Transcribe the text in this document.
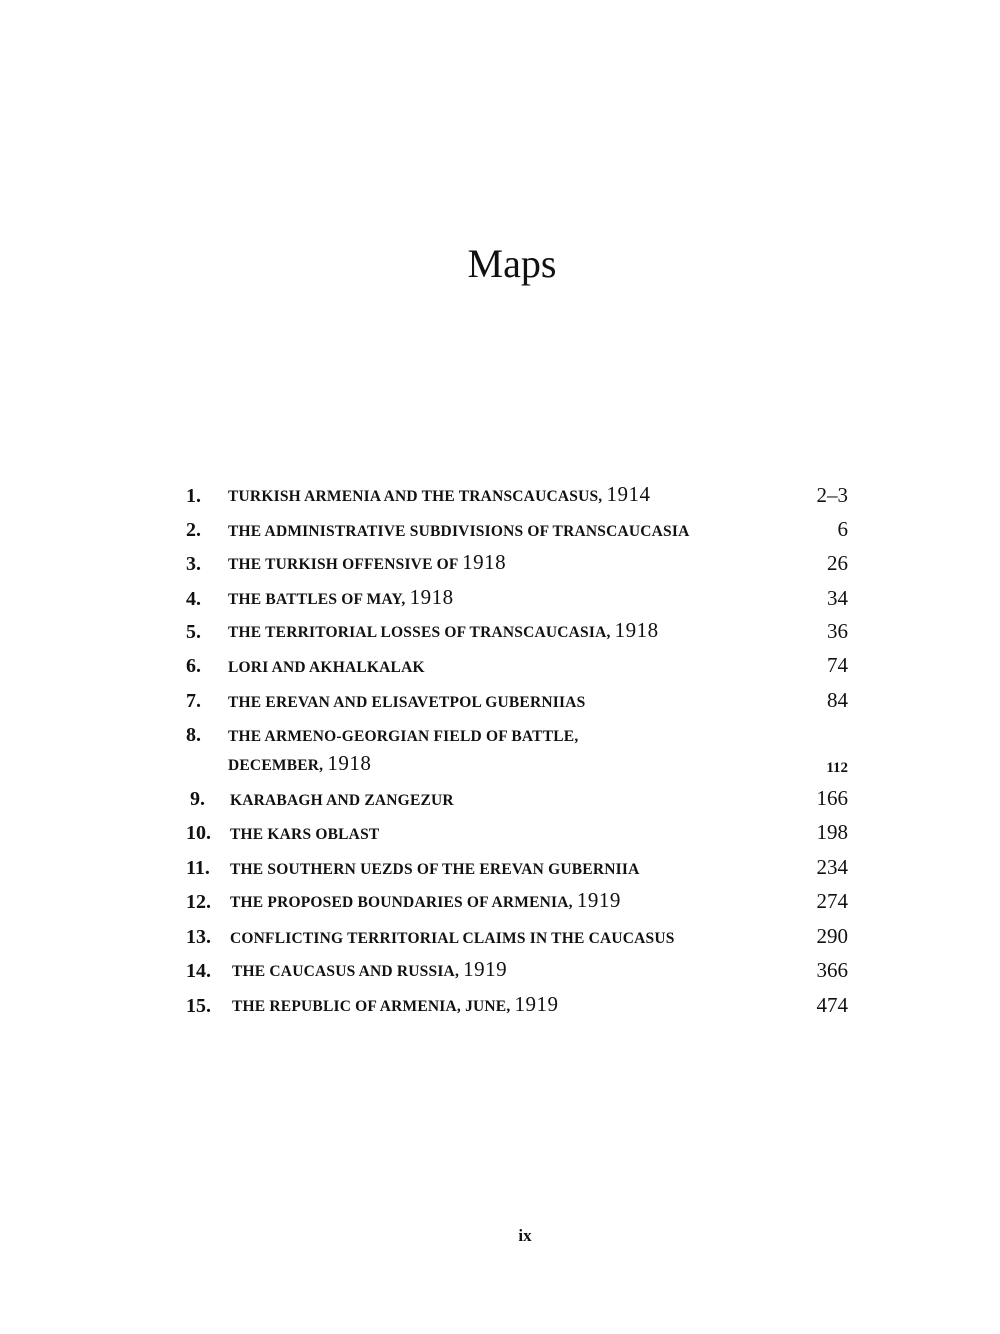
Maps
1. TURKISH ARMENIA AND THE TRANSCAUCASUS, 1914	2–3
2. THE ADMINISTRATIVE SUBDIVISIONS OF TRANSCAUCASIA	6
3. THE TURKISH OFFENSIVE OF 1918	26
4. THE BATTLES OF MAY, 1918	34
5. THE TERRITORIAL LOSSES OF TRANSCAUCASIA, 1918	36
6. LORI AND AKHALKALAK	74
7. THE EREVAN AND ELISAVETPOL GUBERNIIAS	84
8. THE ARMENO-GEORGIAN FIELD OF BATTLE,
DECEMBER, 1918	112
9. KARABAGH AND ZANGEZUR	166
10. THE KARS OBLAST	198
11. THE SOUTHERN UEZDS OF THE EREVAN GUBERNIIA	234
12. THE PROPOSED BOUNDARIES OF ARMENIA, 1919	274
13. CONFLICTING TERRITORIAL CLAIMS IN THE CAUCASUS	290
14. THE CAUCASUS AND RUSSIA, 1919	366
15. THE REPUBLIC OF ARMENIA, JUNE, 1919	474
ix
